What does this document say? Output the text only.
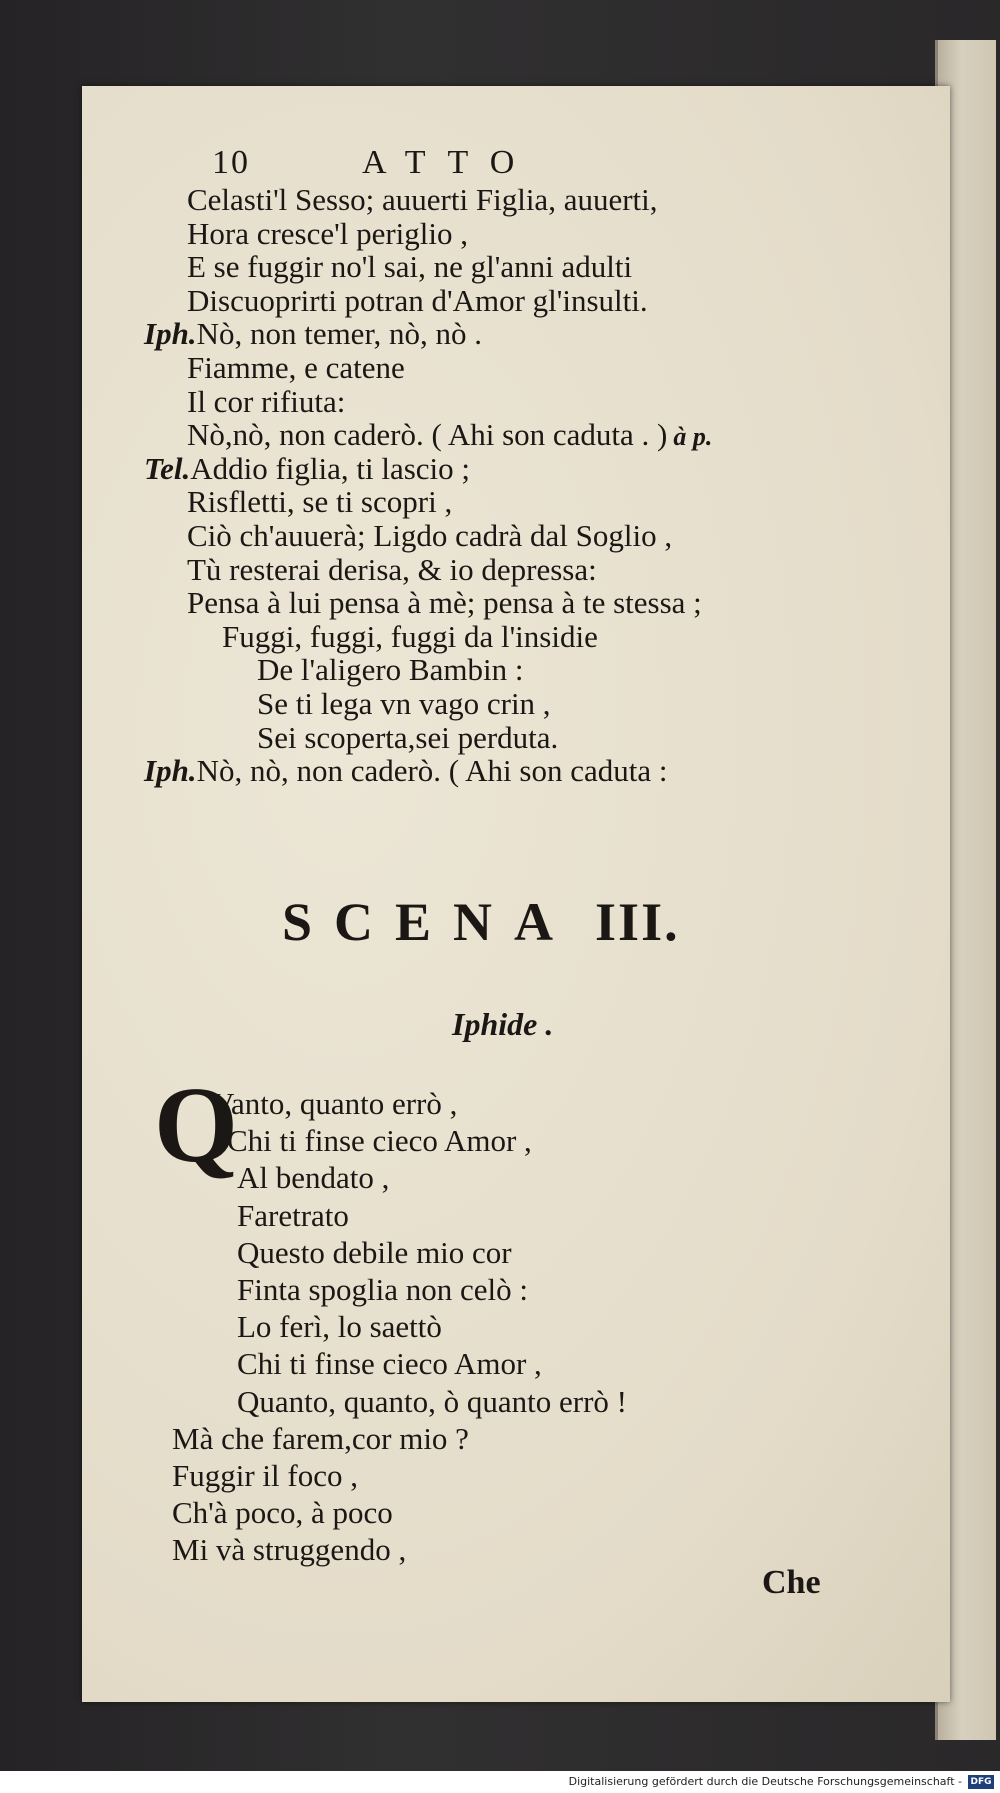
10	ATTO
Celasti'l Sesso; auuerti Figlia, auuerti,
Hora cresce'l periglio ,
E se fuggir no'l sai, ne gl'anni adulti
Discuoprirti potran d'Amor gl'insulti.
Iph.Nò, non temer, nò, nò .
Fiamme, e catene
Il cor rifiuta:
Nò,nò, non caderò. ( Ahi son caduta . ) à p.
Tel.Addio figlia, ti lascio ;
Risfletti, se ti scopri ,
Ciò ch'auuerà; Ligdo cadrà dal Soglio ,
Tù resterai derisa, & io depressa:
Pensa à lui pensa à mè; pensa à te stessa ;
Fuggi, fuggi, fuggi da l'insidie
De l'aligero Bambin :
Se ti lega vn vago crin ,
Sei scoperta,sei perduta.
Iph.Nò, nò, non caderò. ( Ahi son caduta :
SCENA III.
Iphide .
Q
Vanto, quanto errò ,
Chi ti finse cieco Amor ,
Al bendato ,
Faretrato
Questo debile mio cor
Finta spoglia non celò :
Lo ferì, lo saettò
Chi ti finse cieco Amor ,
Quanto, quanto, ò quanto errò !
Mà che farem,cor mio ?
Fuggir il foco ,
Ch'à poco, à poco
Mi và struggendo ,
Che
Digitalisierung gefördert durch die Deutsche Forschungsgemeinschaft - DFG
